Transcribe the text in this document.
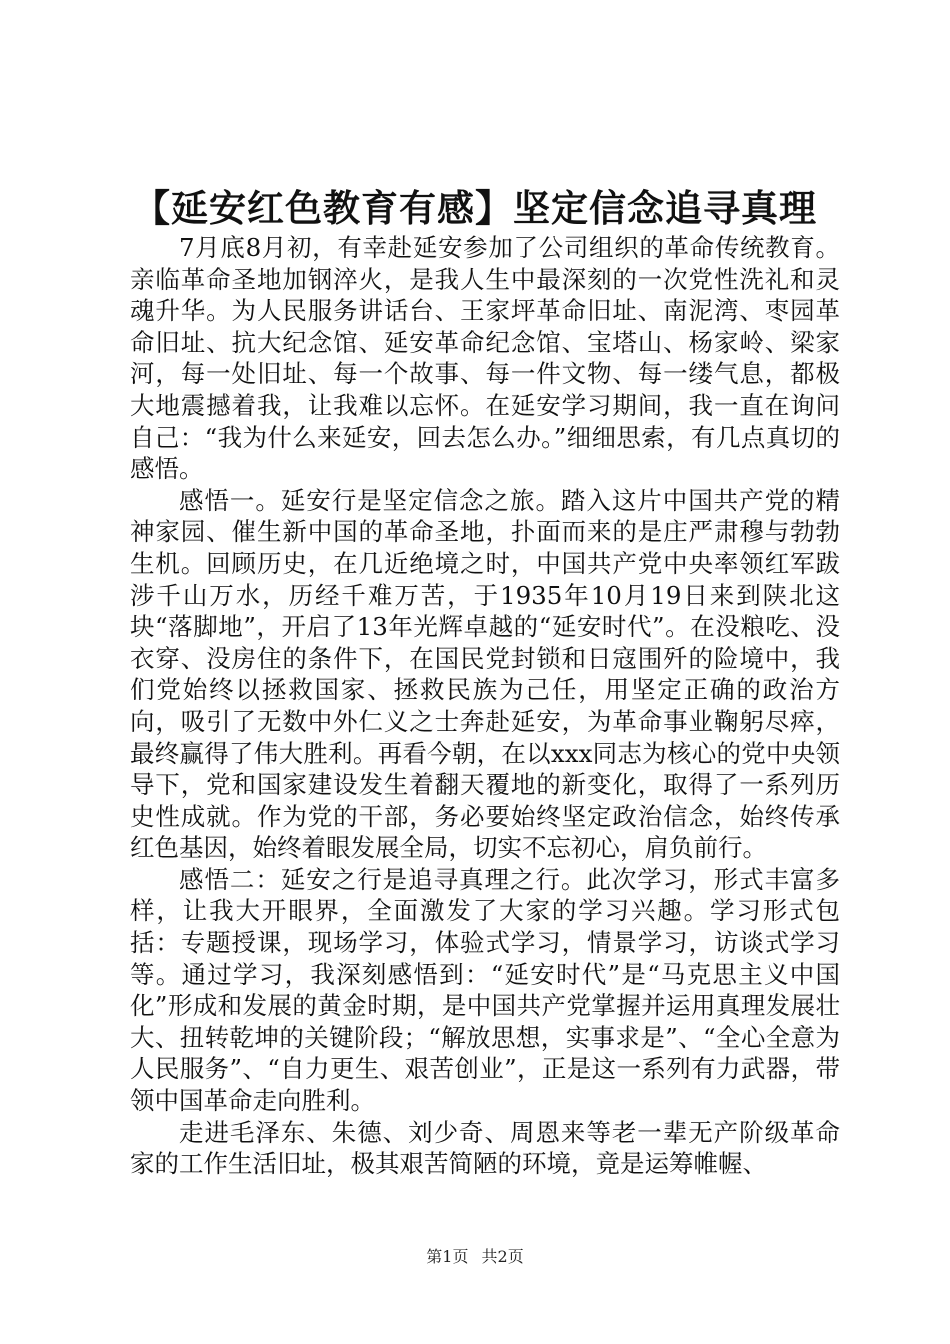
【延安红色教育有感】坚定信念追寻真理

7月底8月初，有幸赴延安参加了公司组织的革命传统教育。亲临革命圣地加钢淬火，是我人生中最深刻的一次党性洗礼和灵魂升华。为人民服务讲话台、王家坪革命旧址、南泥湾、枣园革命旧址、抗大纪念馆、延安革命纪念馆、宝塔山、杨家岭、梁家河，每一处旧址、每一个故事、每一件文物、每一缕气息，都极大地震撼着我，让我难以忘怀。在延安学习期间，我一直在询问自己：“我为什么来延安，回去怎么办。”细细思索，有几点真切的感悟。

感悟一。延安行是坚定信念之旅。踏入这片中国共产党的精神家园、催生新中国的革命圣地，扑面而来的是庄严肃穆与勃勃生机。回顾历史，在几近绝境之时，中国共产党中央率领红军跋涉千山万水，历经千难万苦，于1935年10月19日来到陕北这块“落脚地”，开启了13年光辉卓越的“延安时代”。在没粮吃、没衣穿、没房住的条件下，在国民党封锁和日寇围歼的险境中，我们党始终以拯救国家、拯救民族为己任，用坚定正确的政治方向，吸引了无数中外仁义之士奔赴延安，为革命事业鞠躬尽瘁，最终赢得了伟大胜利。再看今朝，在以xxx同志为核心的党中央领导下，党和国家建设发生着翻天覆地的新变化，取得了一系列历史性成就。作为党的干部，务必要始终坚定政治信念，始终传承红色基因，始终着眼发展全局，切实不忘初心，肩负前行。

感悟二：延安之行是追寻真理之行。此次学习，形式丰富多样，让我大开眼界，全面激发了大家的学习兴趣。学习形式包括：专题授课，现场学习，体验式学习，情景学习，访谈式学习等。通过学习，我深刻感悟到：“延安时代”是“马克思主义中国化”形成和发展的黄金时期，是中国共产党掌握并运用真理发展壮大、扭转乾坤的关键阶段；“解放思想，实事求是”、“全心全意为人民服务”、“自力更生、艰苦创业”，正是这一系列有力武器，带领中国革命走向胜利。

走进毛泽东、朱德、刘少奇、周恩来等老一辈无产阶级革命家的工作生活旧址，极其艰苦简陋的环境，竟是运筹帷幄、

第1页 共2页
